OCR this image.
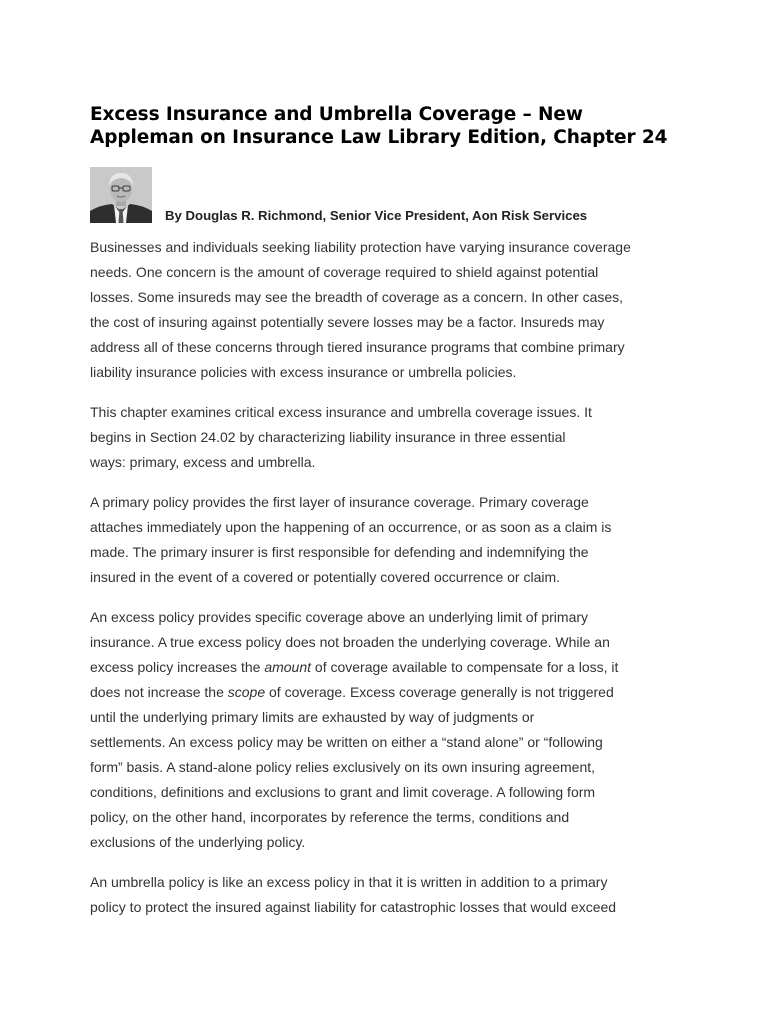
Excess Insurance and Umbrella Coverage – New
Appleman on Insurance Law Library Edition, Chapter 24
By Douglas R. Richmond, Senior Vice President, Aon Risk Services

Businesses and individuals seeking liability protection have varying insurance coverage
needs. One concern is the amount of coverage required to shield against potential
losses. Some insureds may see the breadth of coverage as a concern. In other cases,
the cost of insuring against potentially severe losses may be a factor. Insureds may
address all of these concerns through tiered insurance programs that combine primary
liability insurance policies with excess insurance or umbrella policies.

This chapter examines critical excess insurance and umbrella coverage issues. It
begins in Section 24.02 by characterizing liability insurance in three essential
ways: primary, excess and umbrella.

A primary policy provides the first layer of insurance coverage. Primary coverage
attaches immediately upon the happening of an occurrence, or as soon as a claim is
made. The primary insurer is first responsible for defending and indemnifying the
insured in the event of a covered or potentially covered occurrence or claim.

An excess policy provides specific coverage above an underlying limit of primary
insurance. A true excess policy does not broaden the underlying coverage. While an
excess policy increases the amount of coverage available to compensate for a loss, it
does not increase the scope of coverage. Excess coverage generally is not triggered
until the underlying primary limits are exhausted by way of judgments or
settlements. An excess policy may be written on either a “stand alone” or “following
form” basis. A stand-alone policy relies exclusively on its own insuring agreement,
conditions, definitions and exclusions to grant and limit coverage. A following form
policy, on the other hand, incorporates by reference the terms, conditions and
exclusions of the underlying policy.

An umbrella policy is like an excess policy in that it is written in addition to a primary
policy to protect the insured against liability for catastrophic losses that would exceed
